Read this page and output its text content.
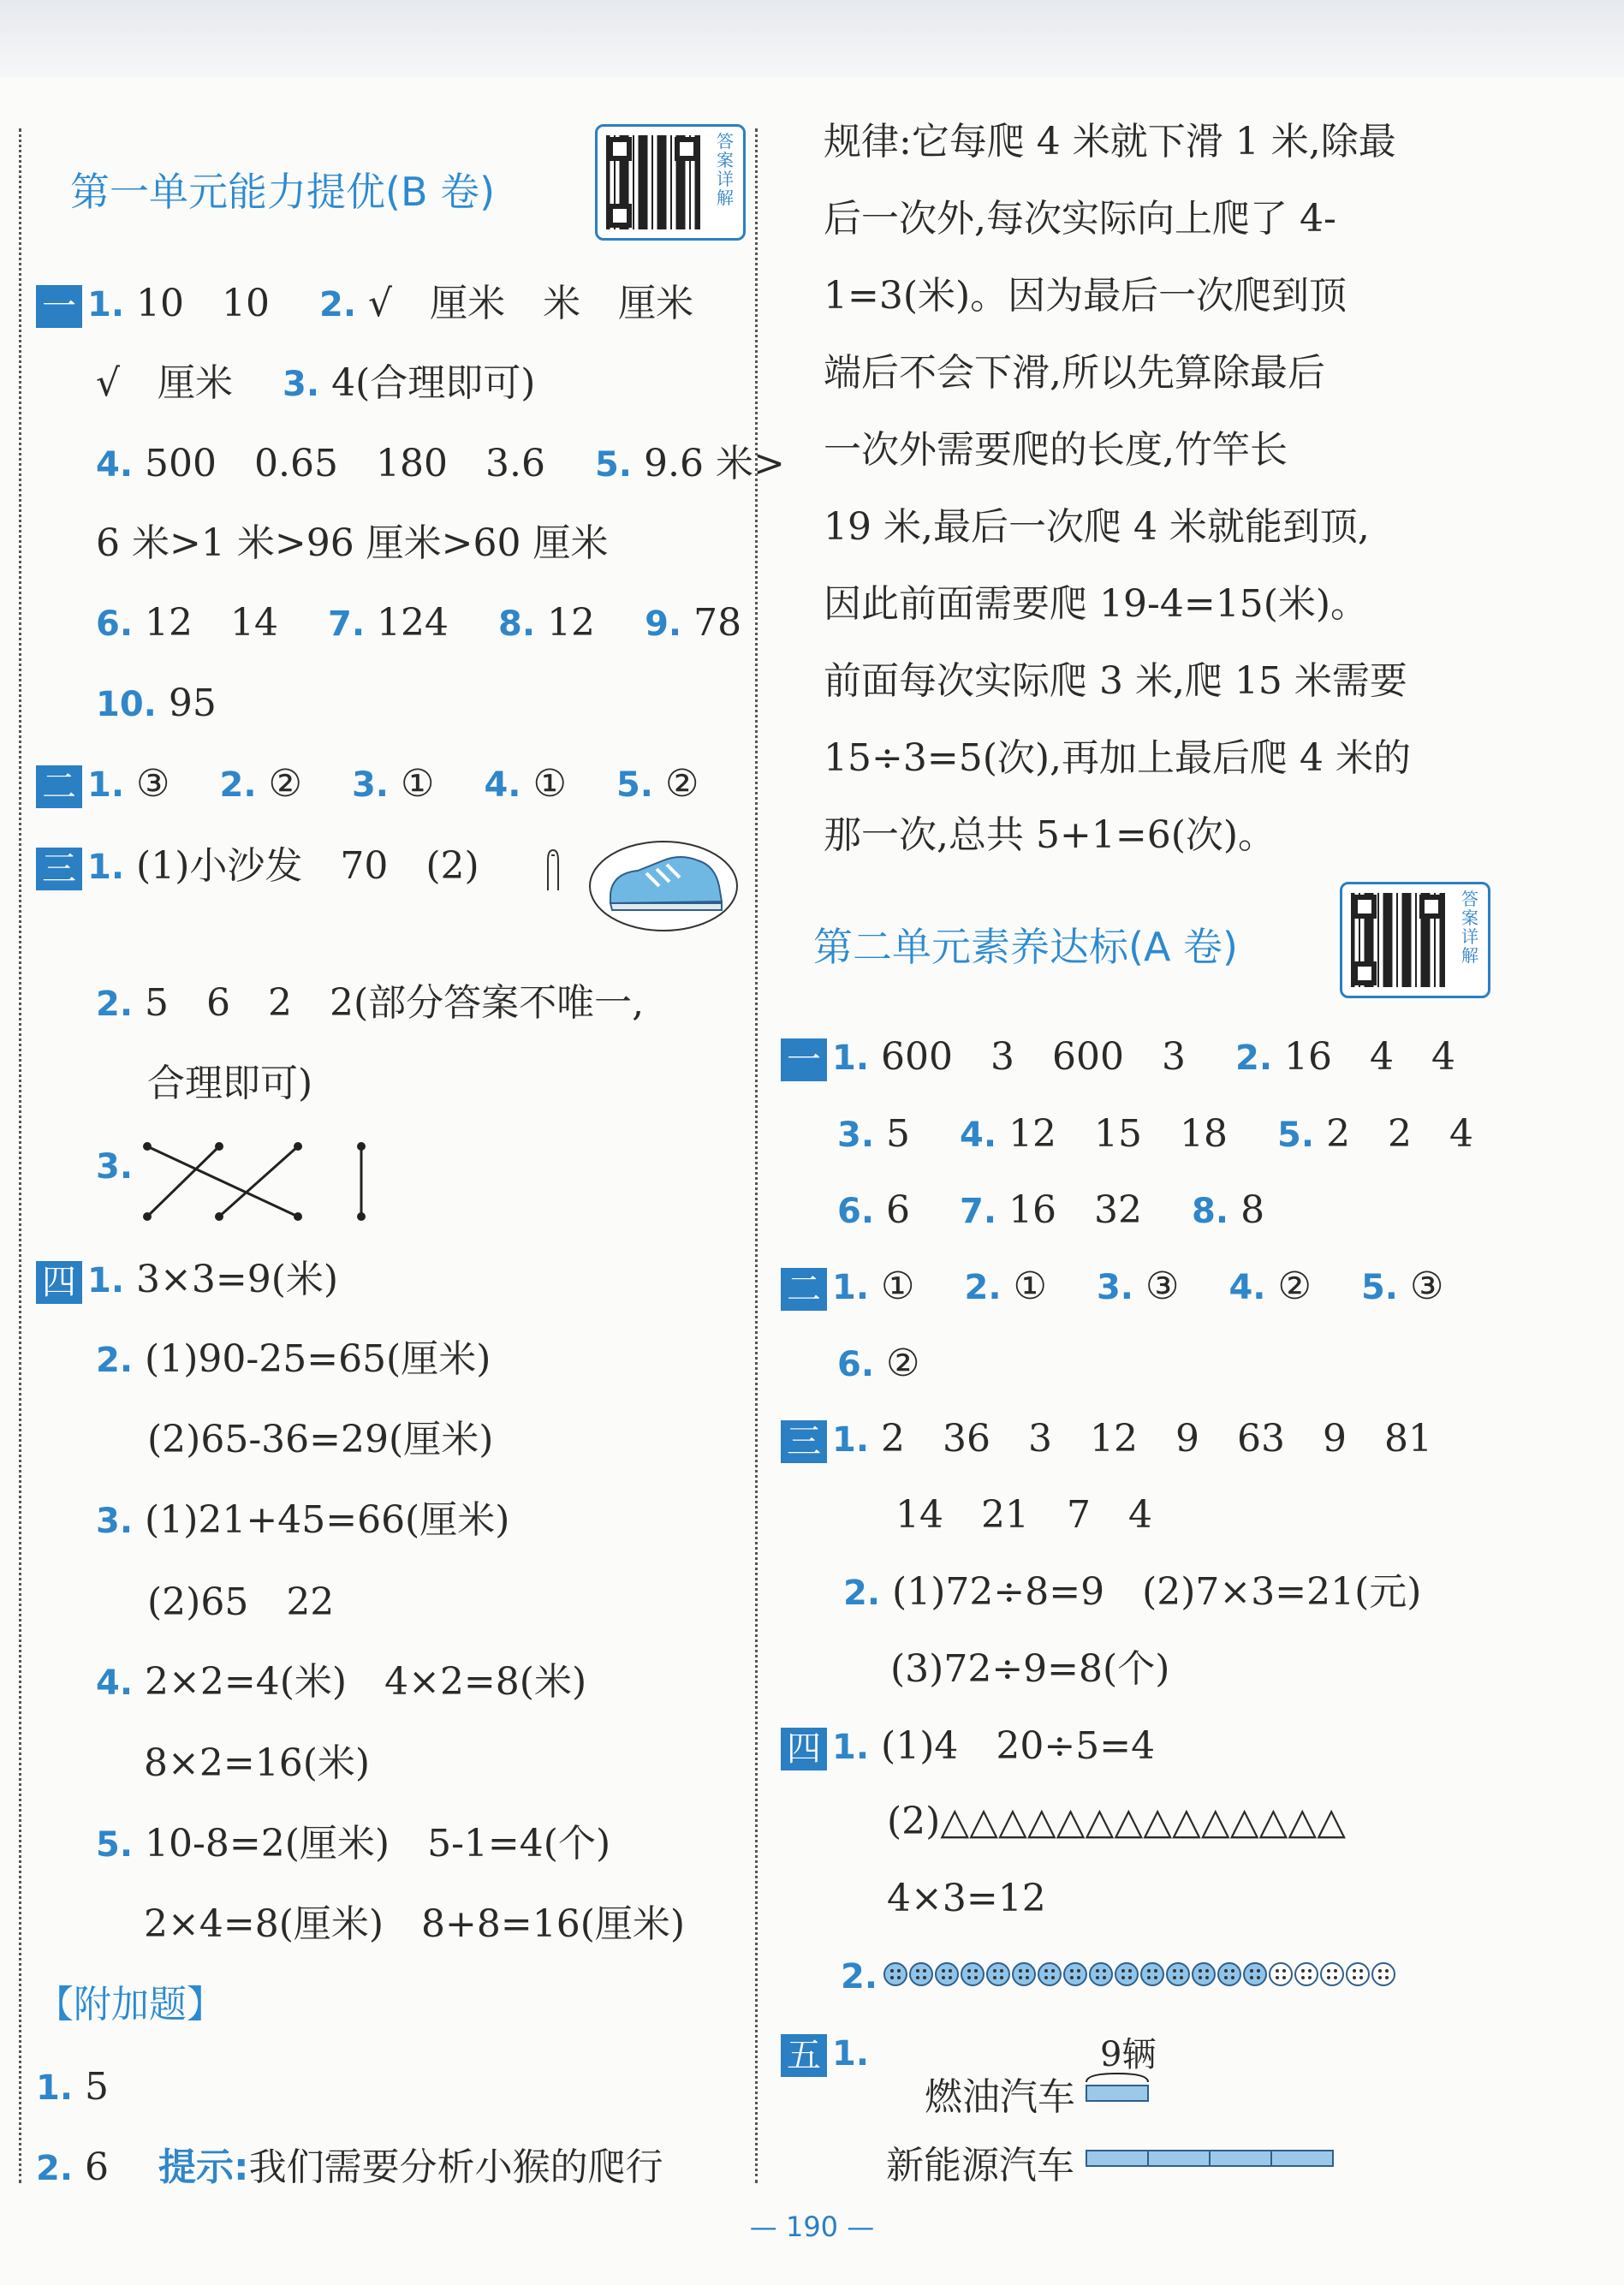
第一单元能力提优(B 卷)
答案详解
一 1. 10　10　 2. √　厘米　米　厘米
√　厘米　 3. 4(合理即可)
4. 500　0.65　180　3.6　 5. 9.6 米>
6 米>1 米>96 厘米>60 厘米
6. 12　14　 7. 124　 8. 12　 9. 78
10. 95
二 1. ③　 2. ②　 3. ①　 4. ①　 5. ②
三 1. (1)小沙发　70　(2)
2. 5　6　2　2(部分答案不唯一,
合理即可)
3.
四 1. 3×3=9(米)
2. (1)90-25=65(厘米)
(2)65-36=29(厘米)
3. (1)21+45=66(厘米)
(2)65　22
4. 2×2=4(米)　4×2=8(米)
8×2=16(米)
5. 10-8=2(厘米)　5-1=4(个)
2×4=8(厘米)　8+8=16(厘米)
【附加题】
1. 5
2. 6　 提示:我们需要分析小猴的爬行
规律:它每爬 4 米就下滑 1 米,除最
后一次外,每次实际向上爬了 4-
1=3(米)。因为最后一次爬到顶
端后不会下滑,所以先算除最后
一次外需要爬的长度,竹竿长
19 米,最后一次爬 4 米就能到顶,
因此前面需要爬 19-4=15(米)。
前面每次实际爬 3 米,爬 15 米需要
15÷3=5(次),再加上最后爬 4 米的
那一次,总共 5+1=6(次)。
第二单元素养达标(A 卷)
答案详解
一 1. 600　3　600　3　 2. 16　4　4
3. 5　 4. 12　15　18　 5. 2　2　4
6. 6　 7. 16　32　 8. 8
二 1. ①　 2. ①　 3. ③　 4. ②　 5. ③
6. ②
三 1. 2　36　3　12　9　63　9　81
14　21　7　4
2. (1)72÷8=9　(2)7×3=21(元)
(3)72÷9=8(个)
四 1. (1)4　20÷5=4
(2)△△△△△△△△△△△△△△
4×3=12
2.
五 1.	9辆
燃油汽车
新能源汽车
— 190 —
